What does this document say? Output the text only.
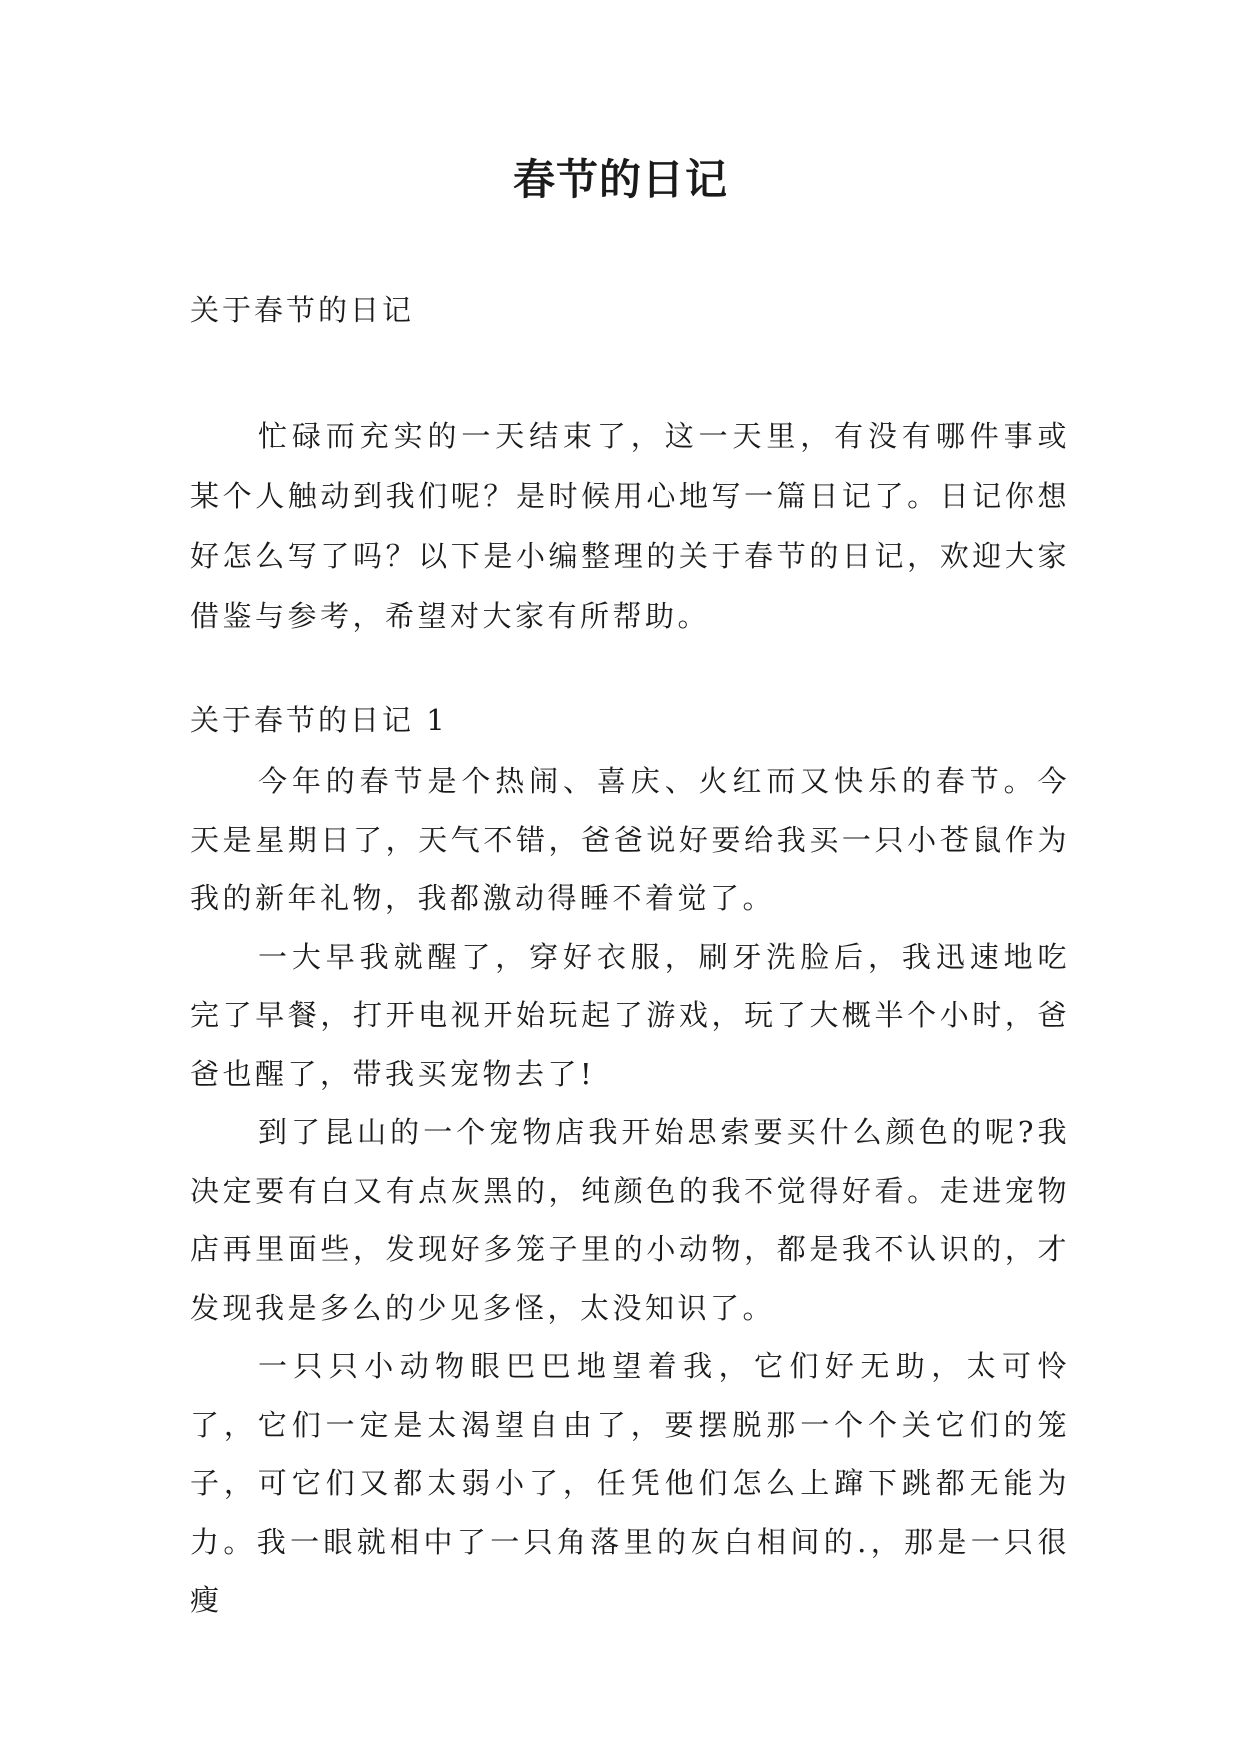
春节的日记

关于春节的日记

忙碌而充实的一天结束了，这一天里，有没有哪件事或某个人触动到我们呢？是时候用心地写一篇日记了。日记你想好怎么写了吗？以下是小编整理的关于春节的日记，欢迎大家借鉴与参考，希望对大家有所帮助。

关于春节的日记 1

今年的春节是个热闹、喜庆、火红而又快乐的春节。今天是星期日了，天气不错，爸爸说好要给我买一只小苍鼠作为我的新年礼物，我都激动得睡不着觉了。

一大早我就醒了，穿好衣服，刷牙洗脸后，我迅速地吃完了早餐，打开电视开始玩起了游戏，玩了大概半个小时，爸爸也醒了，带我买宠物去了!

到了昆山的一个宠物店我开始思索要买什么颜色的呢?我决定要有白又有点灰黑的，纯颜色的我不觉得好看。走进宠物店再里面些，发现好多笼子里的小动物，都是我不认识的，才发现我是多么的少见多怪，太没知识了。

一只只小动物眼巴巴地望着我，它们好无助，太可怜了，它们一定是太渴望自由了，要摆脱那一个个关它们的笼子，可它们又都太弱小了，任凭他们怎么上蹿下跳都无能为力。我一眼就相中了一只角落里的灰白相间的.，那是一只很瘦
